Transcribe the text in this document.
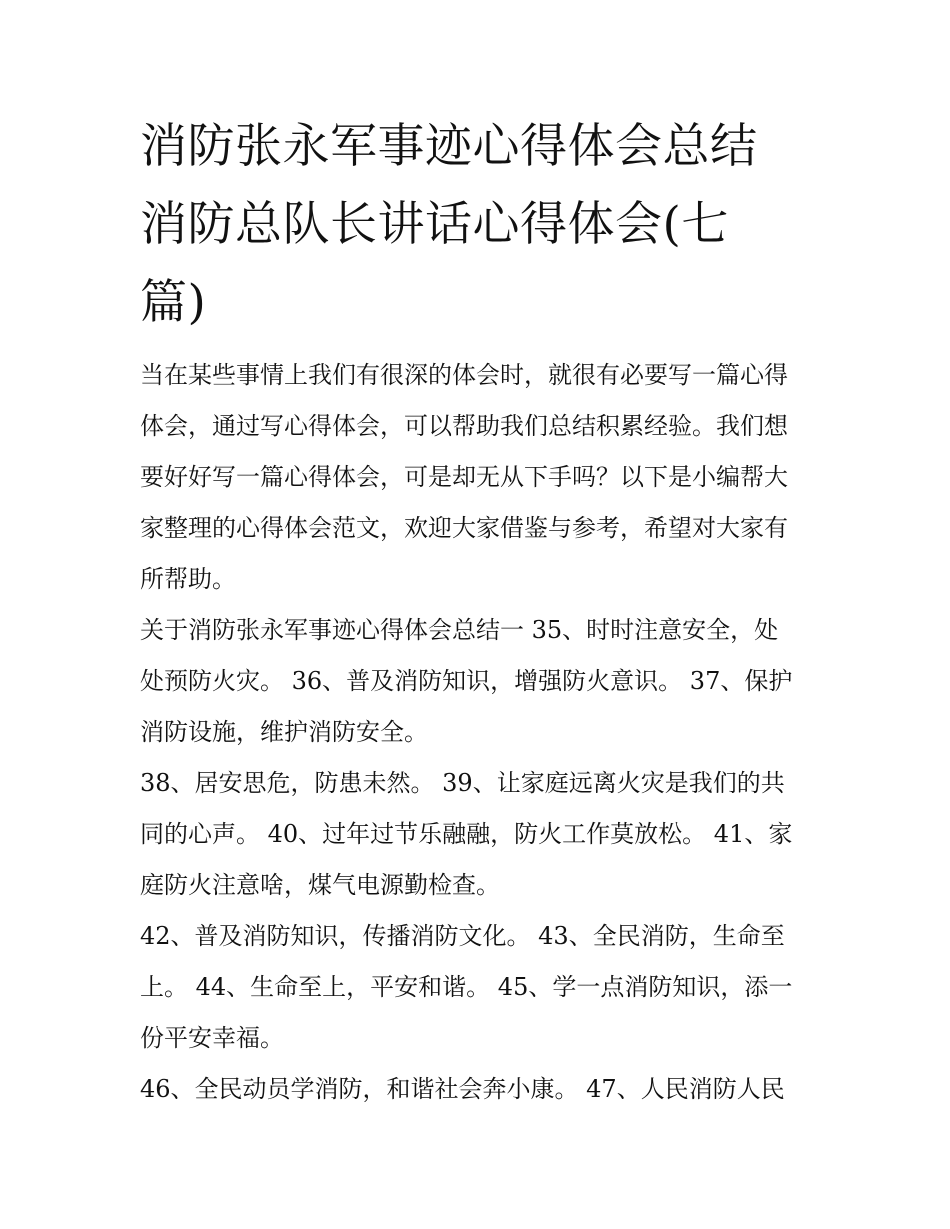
消防张永军事迹心得体会总结
消防总队长讲话心得体会(七
篇)

当在某些事情上我们有很深的体会时，就很有必要写一篇心得
体会，通过写心得体会，可以帮助我们总结积累经验。我们想
要好好写一篇心得体会，可是却无从下手吗？以下是小编帮大
家整理的心得体会范文，欢迎大家借鉴与参考，希望对大家有
所帮助。

关于消防张永军事迹心得体会总结一 35、时时注意安全，处
处预防火灾。 36、普及消防知识，增强防火意识。 37、保护
消防设施，维护消防安全。

38、居安思危，防患未然。 39、让家庭远离火灾是我们的共
同的心声。 40、过年过节乐融融，防火工作莫放松。 41、家
庭防火注意啥，煤气电源勤检查。

42、普及消防知识，传播消防文化。 43、全民消防，生命至
上。 44、生命至上，平安和谐。 45、学一点消防知识，添一
份平安幸福。

46、全民动员学消防，和谐社会奔小康。 47、人民消防人民
